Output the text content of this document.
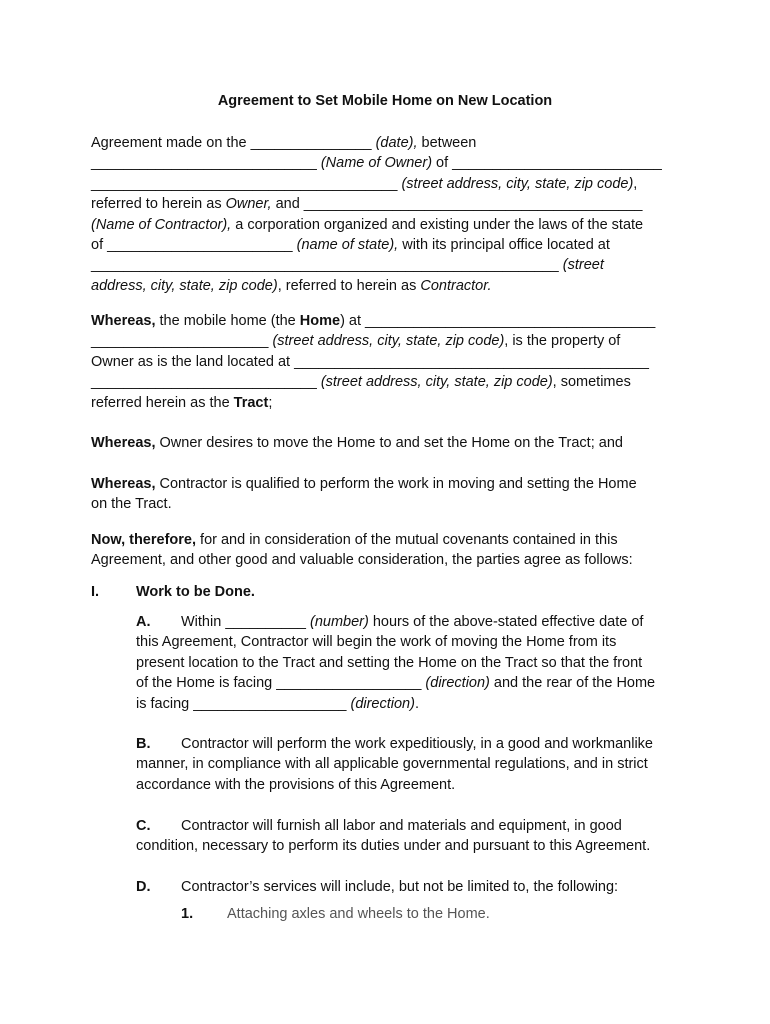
Agreement to Set Mobile Home on New Location
Agreement made on the _______________ (date), between
____________________________ (Name of Owner) of __________________________
______________________________________ (street address, city, state, zip code),
referred to herein as Owner, and __________________________________________
(Name of Contractor), a corporation organized and existing under the laws of the state
of _______________________ (name of state), with its principal office located at
__________________________________________________________ (street
address, city, state, zip code), referred to herein as Contractor.
Whereas, the mobile home (the Home) at ____________________________________
______________________ (street address, city, state, zip code), is the property of
Owner as is the land located at ____________________________________________
____________________________ (street address, city, state, zip code), sometimes
referred herein as the Tract;
Whereas, Owner desires to move the Home to and set the Home on the Tract; and
Whereas, Contractor is qualified to perform the work in moving and setting the Home
on the Tract.
Now, therefore, for and in consideration of the mutual covenants contained in this
Agreement, and other good and valuable consideration, the parties agree as follows:
I.	Work to be Done.
A. Within __________ (number) hours of the above-stated effective date of
this Agreement, Contractor will begin the work of moving the Home from its
present location to the Tract and setting the Home on the Tract so that the front
of the Home is facing __________________ (direction) and the rear of the Home
is facing ___________________ (direction).
B. Contractor will perform the work expeditiously, in a good and workmanlike
manner, in compliance with all applicable governmental regulations, and in strict
accordance with the provisions of this Agreement.
C. Contractor will furnish all labor and materials and equipment, in good
condition, necessary to perform its duties under and pursuant to this Agreement.
D. Contractor’s services will include, but not be limited to, the following:
1. Attaching axles and wheels to the Home.
